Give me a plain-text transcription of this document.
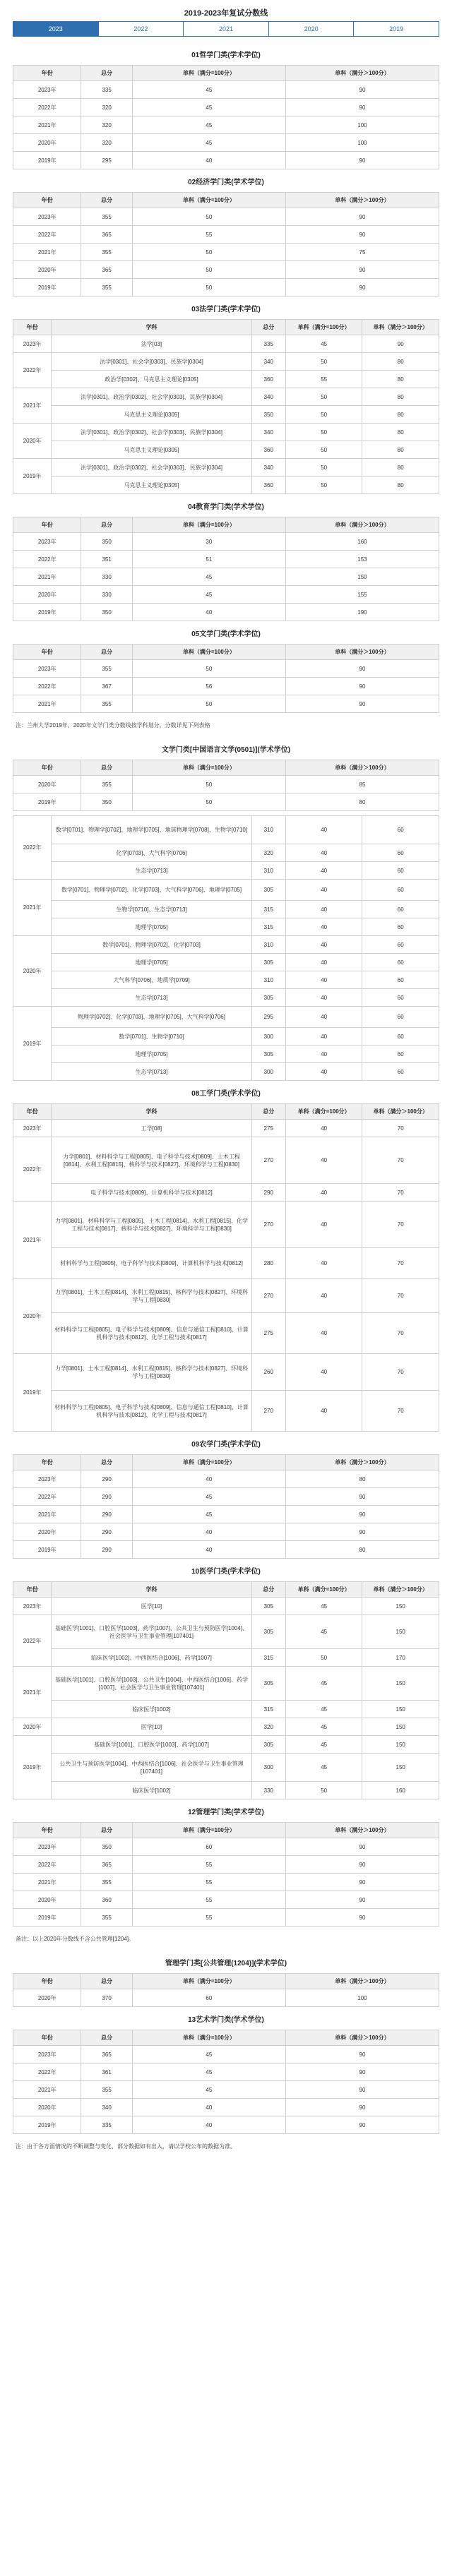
2019-2023年复试分数线
2023	2022	2021	2020	2019
01哲学门类(学术学位)
年份	总分	单科（满分=100分）	单科（满分＞100分）
2023年	335	45	90
2022年	320	45	90
2021年	320	45	100
2020年	320	45	100
2019年	295	40	90
02经济学门类(学术学位)
年份	总分	单科（满分=100分）	单科（满分＞100分）
2023年	355	50	90
2022年	365	55	90
2021年	355	50	75
2020年	365	50	90
2019年	355	50	90
03法学门类(学术学位)
年份	学科	总分	单科（满分=100分）	单科（满分＞100分）
2023年	法学[03]	335	45	90
2022年	法学[0301]、社会学[0303]、民族学[0304]	340	50	80
	政治学[0302]、马克思主义理论[0305]	360	55	80
2021年	法学[0301]、政治学[0302]、社会学[0303]、民族学[0304]	340	50	80
	马克思主义理论[0305]	350	50	80
2020年	法学[0301]、政治学[0302]、社会学[0303]、民族学[0304]	340	50	80
	马克思主义理论[0305]	360	50	80
2019年	法学[0301]、政治学[0302]、社会学[0303]、民族学[0304]	340	50	80
	马克思主义理论[0305]	360	50	80
04教育学门类(学术学位)
年份	总分	单科（满分=100分）	单科（满分＞100分）
2023年	350	30	160
2022年	351	51	153
2021年	330	45	150
2020年	330	45	155
2019年	350	40	190
05文学门类(学术学位)
年份	总分	单科（满分=100分）	单科（满分＞100分）
2023年	355	50	90
2022年	367	56	90
2021年	355	50	90
注：兰州大学2019年、2020年文学门类分数线按学科划分，分数详见下列表格
文学门类[中国语言文学(0501)](学术学位)
年份	总分	单科（满分=100分）	单科（满分＞100分）
2020年	355	50	85
2019年	350	50	80
2022年	数学[0701]、物理学[0702]、地理学[0705]、地球物理学[0708]、生物学[0710]	310	40	60
	化学[0703]、大气科学[0706]	320	40	60
	生态学[0713]	310	40	60
2021年	数学[0701]、物理学[0702]、化学[0703]、大气科学[0706]、地理学[0705]	305	40	60
	生物学[0710]、生态学[0713]	315	40	60
	地理学[0705]	315	40	60
2020年	数学[0701]、物理学[0702]、化学[0703]	310	40	60
	地理学[0705]	305	40	60
	大气科学[0706]、地质学[0709]	310	40	60
	生态学[0713]	305	40	60
2019年	物理学[0702]、化学[0703]、地理学[0705]、大气科学[0706]	295	40	60
	数学[0701]、生物学[0710]	300	40	60
	地理学[0705]	305	40	60
	生态学[0713]	300	40	60
08工学门类(学术学位)
年份	学科	总分	单科（满分=100分）	单科（满分＞100分）
2023年	工学[08]	275	40	70
2022年	力学[0801]、材料科学与工程[0805]、电子科学与技术[0809]、土木工程[0814]、水利工程[0815]、核科学与技术[0827]、环境科学与工程[0830]	270	40	70
	电子科学与技术[0809]、计算机科学与技术[0812]	290	40	70
2021年	力学[0801]、材料科学与工程[0805]、土木工程[0814]、水利工程[0815]、化学工程与技术[0817]、核科学与技术[0827]、环境科学与工程[0830]	270	40	70
	材料科学与工程[0805]、电子科学与技术[0809]、计算机科学与技术[0812]	280	40	70
2020年	力学[0801]、土木工程[0814]、水利工程[0815]、核科学与技术[0827]、环境科学与工程[0830]	270	40	70
	材料科学与工程[0805]、电子科学与技术[0809]、信息与通信工程[0810]、计算机科学与技术[0812]、化学工程与技术[0817]	275	40	70
2019年	力学[0801]、土木工程[0814]、水利工程[0815]、核科学与技术[0827]、环境科学与工程[0830]	260	40	70
	材料科学与工程[0805]、电子科学与技术[0809]、信息与通信工程[0810]、计算机科学与技术[0812]、化学工程与技术[0817]	270	40	70
09农学门类(学术学位)
年份	总分	单科（满分=100分）	单科（满分＞100分）
2023年	290	40	80
2022年	290	45	90
2021年	290	45	90
2020年	290	40	90
2019年	290	40	80
10医学门类(学术学位)
年份	学科	总分	单科（满分=100分）	单科（满分＞100分）
2023年	医学[10]	305	45	150
2022年	基础医学[1001]、口腔医学[1003]、药学[1007]、公共卫生与预防医学[1004]、社会医学与卫生事业管理[107401]	305	45	150
	临床医学[1002]、中西医结合[1006]、药学[1007]	315	50	170
2021年	基础医学[1001]、口腔医学[1003]、公共卫生[1004]、中西医结合[1006]、药学[1007]、社会医学与卫生事业管理[107401]	305	45	150
	临床医学[1002]	315	45	150
2020年	医学[10]	320	45	150
2019年	基础医学[1001]、口腔医学[1003]、药学[1007]	305	45	150
	公共卫生与预防医学[1004]、中西医结合[1006]、社会医学与卫生事业管理[107401]	300	45	150
	临床医学[1002]	330	50	160
12管理学门类(学术学位)
年份	总分	单科（满分=100分）	单科（满分＞100分）
2023年	350	60	90
2022年	365	55	90
2021年	355	55	90
2020年	360	55	90
2019年	355	55	90
备注：以上2020年分数线不含公共管理[1204]。
管理学门类[公共管理(1204)](学术学位)
年份	总分	单科（满分=100分）	单科（满分＞100分）
2020年	370	60	100
13艺术学门类(学术学位)
年份	总分	单科（满分=100分）	单科（满分＞100分）
2023年	365	45	90
2022年	361	45	90
2021年	355	45	90
2020年	340	40	90
2019年	335	40	90
注：由于各方面情况的不断调整与变化，部分数据如有出入，请以学校公布的数据为准。
